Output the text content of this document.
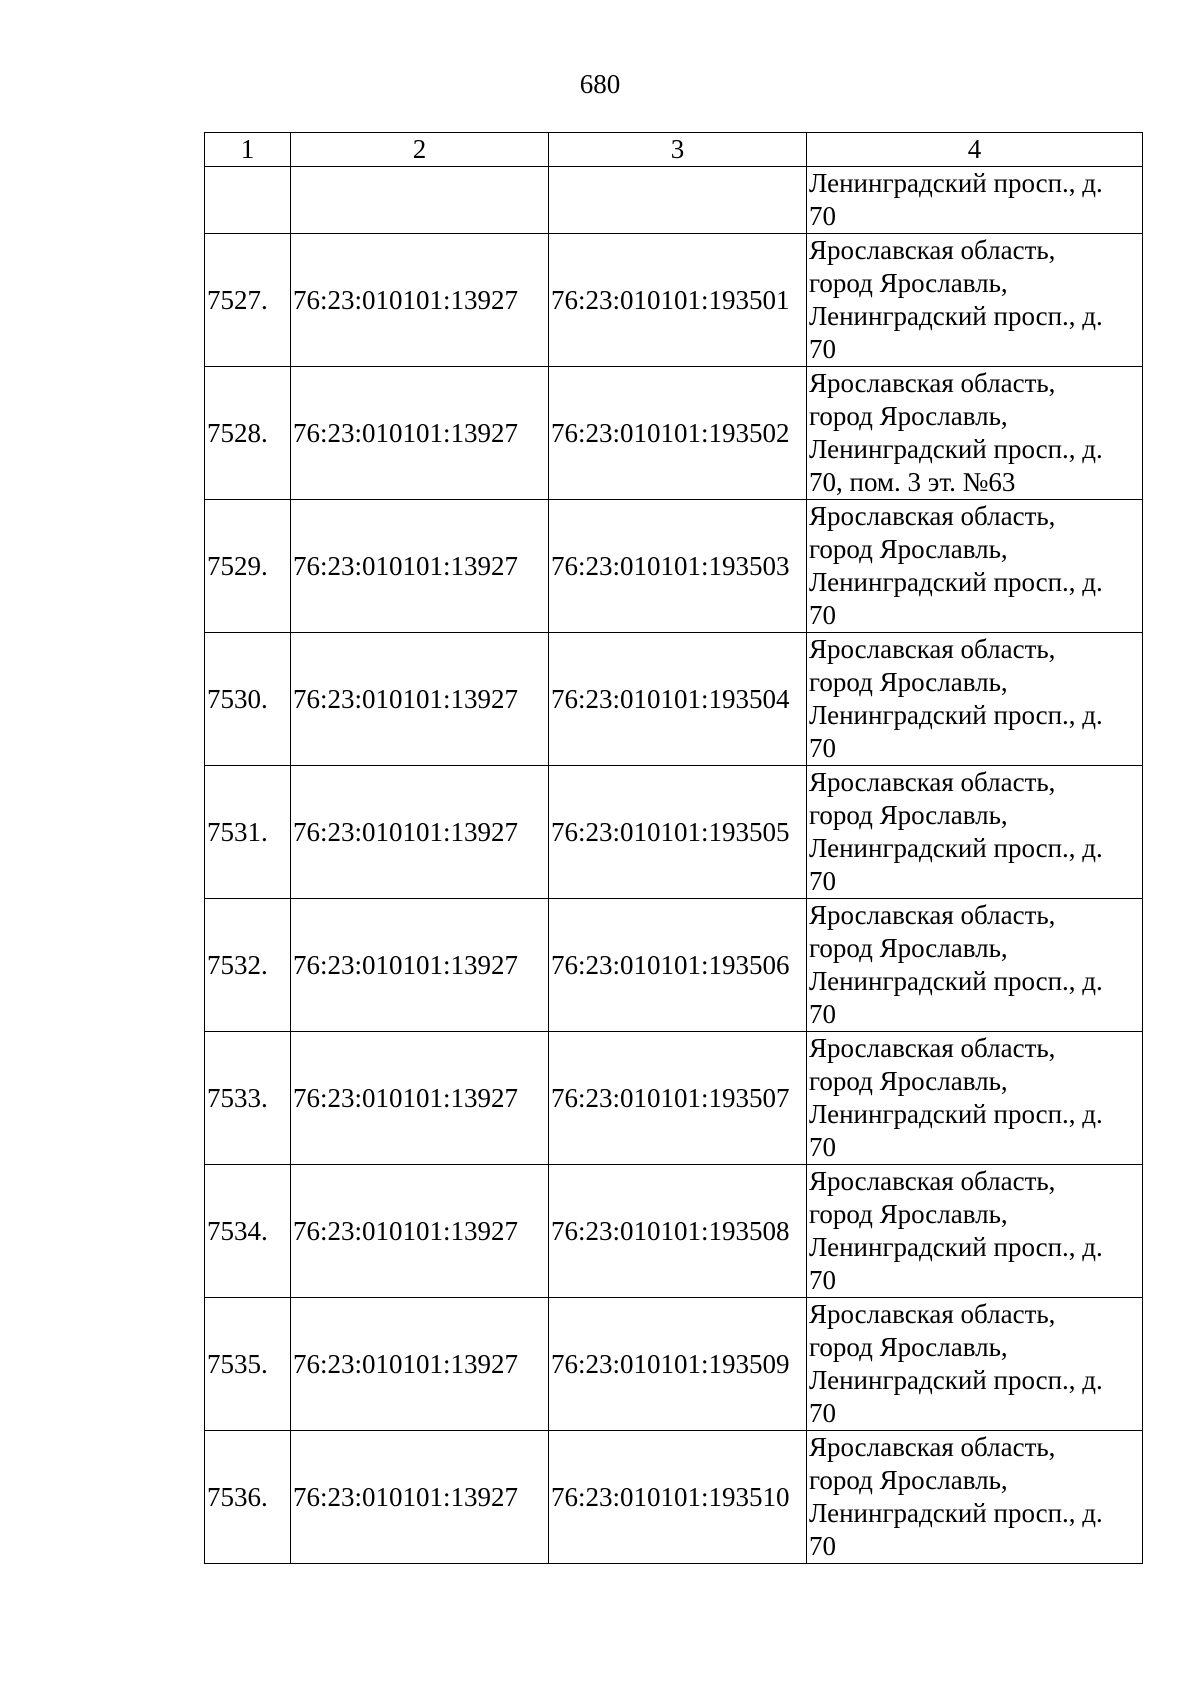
680
1	2	3	4

			Ленинградский просп., д.
70

7527.	76:23:010101:13927	76:23:010101:193501	Ярославская область,
город Ярославль,
Ленинградский просп., д.
70

7528.	76:23:010101:13927	76:23:010101:193502	Ярославская область,
город Ярославль,
Ленинградский просп., д.
70, пом. 3 эт. №63

7529.	76:23:010101:13927	76:23:010101:193503	Ярославская область,
город Ярославль,
Ленинградский просп., д.
70

7530.	76:23:010101:13927	76:23:010101:193504	Ярославская область,
город Ярославль,
Ленинградский просп., д.
70

7531.	76:23:010101:13927	76:23:010101:193505	Ярославская область,
город Ярославль,
Ленинградский просп., д.
70

7532.	76:23:010101:13927	76:23:010101:193506	Ярославская область,
город Ярославль,
Ленинградский просп., д.
70

7533.	76:23:010101:13927	76:23:010101:193507	Ярославская область,
город Ярославль,
Ленинградский просп., д.
70

7534.	76:23:010101:13927	76:23:010101:193508	Ярославская область,
город Ярославль,
Ленинградский просп., д.
70

7535.	76:23:010101:13927	76:23:010101:193509	Ярославская область,
город Ярославль,
Ленинградский просп., д.
70

7536.	76:23:010101:13927	76:23:010101:193510	Ярославская область,
город Ярославль,
Ленинградский просп., д.
70
